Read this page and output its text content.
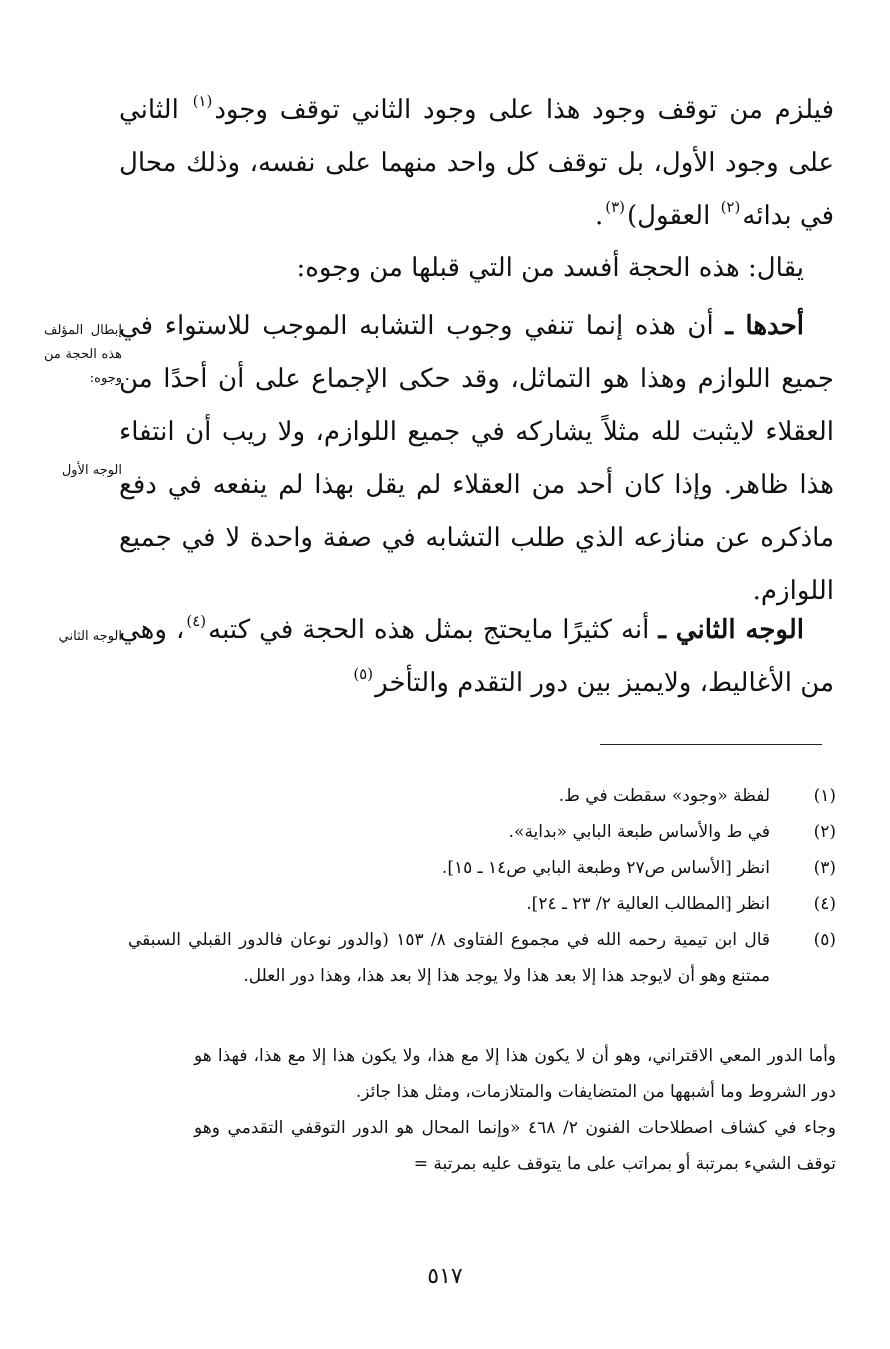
فيلزم من توقف وجود هذا على وجود الثاني توقف وجود$^{(١)}$ الثاني على وجود الأول، بل توقف كل واحد منهما على نفسه، وذلك محال في بدائه$^{(٢)}$ العقول)$^{(٣)}$.
يقال: هذه الحجة أفسد من التي قبلها من وجوه:
أحدها ـ أن هذه إنما تنفي وجوب التشابه الموجب للاستواء في جميع اللوازم وهذا هو التماثل، وقد حكى الإجماع على أن أحدًا من العقلاء لايثبت لله مثلاً يشاركه في جميع اللوازم، ولا ريب أن انتفاء هذا ظاهر. وإذا كان أحد من العقلاء لم يقل بهذا لم ينفعه في دفع ماذكره عن منازعه الذي طلب التشابه في صفة واحدة لا في جميع اللوازم.
الوجه الثاني ـ أنه كثيرًا مايحتج بمثل هذه الحجة في كتبه$^{(٤)}$، وهي من الأغاليط، ولايميز بين دور التقدم والتأخر$^{(٥)}$
إبطال المؤلف هذه الحجة من وجوه:
الوجه الأول
الوجه الثاني
(١)
لفظة «وجود» سقطت في ط.
(٢)
في ط والأساس طبعة البابي «بداية».
(٣)
انظر [الأساس ص٢٧ وطبعة البابي ص١٤ ـ ١٥].
(٤)
انظر [المطالب العالية ٢/ ٢٣ ـ ٢٤].
(٥)
قال ابن تيمية رحمه الله في مجموع الفتاوى ٨/ ١٥٣ (والدور نوعان فالدور القبلي السبقي ممتنع وهو أن لايوجد هذا إلا بعد هذا ولا يوجد هذا إلا بعد هذا، وهذا دور العلل.
وأما الدور المعي الاقتراني، وهو أن لا يكون هذا إلا مع هذا، ولا يكون هذا إلا مع هذا، فهذا هو دور الشروط وما أشبهها من المتضايفات والمتلازمات، ومثل هذا جائز.
وجاء في كشاف اصطلاحات الفنون ٢/ ٤٦٨ «وإنما المحال هو الدور التوقفي التقدمي وهو توقف الشيء بمرتبة أو بمراتب على ما يتوقف عليه بمرتبة =
٥١٧
